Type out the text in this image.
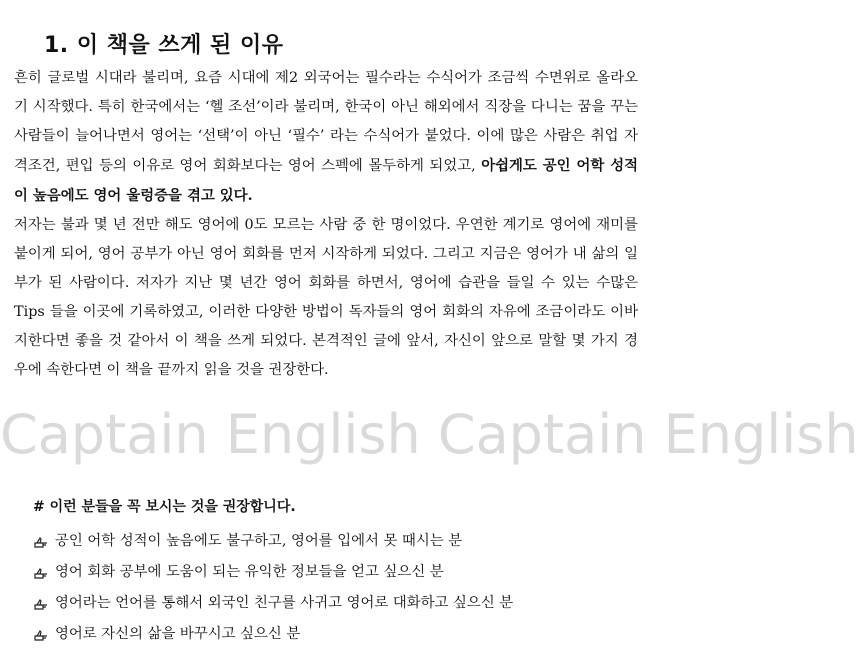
1. 이 책을 쓰게 된 이유

흔히 글로벌 시대라 불리며, 요즘 시대에 제2 외국어는 필수라는 수식어가 조금씩 수면위로 올라오기 시작했다. 특히 한국에서는 ‘헬 조선’이라 불리며, 한국이 아닌 해외에서 직장을 다니는 꿈을 꾸는 사람들이 늘어나면서 영어는 ‘선택’이 아닌 ‘필수’ 라는 수식어가 붙었다. 이에 많은 사람은 취업 자격조건, 편입 등의 이유로 영어 회화보다는 영어 스펙에 몰두하게 되었고, 아쉽게도 공인 어학 성적이 높음에도 영어 울렁증을 겪고 있다.

저자는 불과 몇 년 전만 해도 영어에 0도 모르는 사람 중 한 명이었다. 우연한 계기로 영어에 재미를 붙이게 되어, 영어 공부가 아닌 영어 회화를 먼저 시작하게 되었다. 그리고 지금은 영어가 내 삶의 일부가 된 사람이다. 저자가 지난 몇 년간 영어 회화를 하면서, 영어에 습관을 들일 수 있는 수많은 Tips 들을 이곳에 기록하였고, 이러한 다양한 방법이 독자들의 영어 회화의 자유에 조금이라도 이바지한다면 좋을 것 같아서 이 책을 쓰게 되었다. 본격적인 글에 앞서, 자신이 앞으로 말할 몇 가지 경우에 속한다면 이 책을 끝까지 읽을 것을 권장한다.

Captain English Captain English

# 이런 분들을 꼭 보시는 것을 권장합니다.

공인 어학 성적이 높음에도 불구하고, 영어를 입에서 못 때시는 분
영어 회화 공부에 도움이 되는 유익한 정보들을 얻고 싶으신 분
영어라는 언어를 통해서 외국인 친구를 사귀고 영어로 대화하고 싶으신 분
영어로 자신의 삶을 바꾸시고 싶으신 분
